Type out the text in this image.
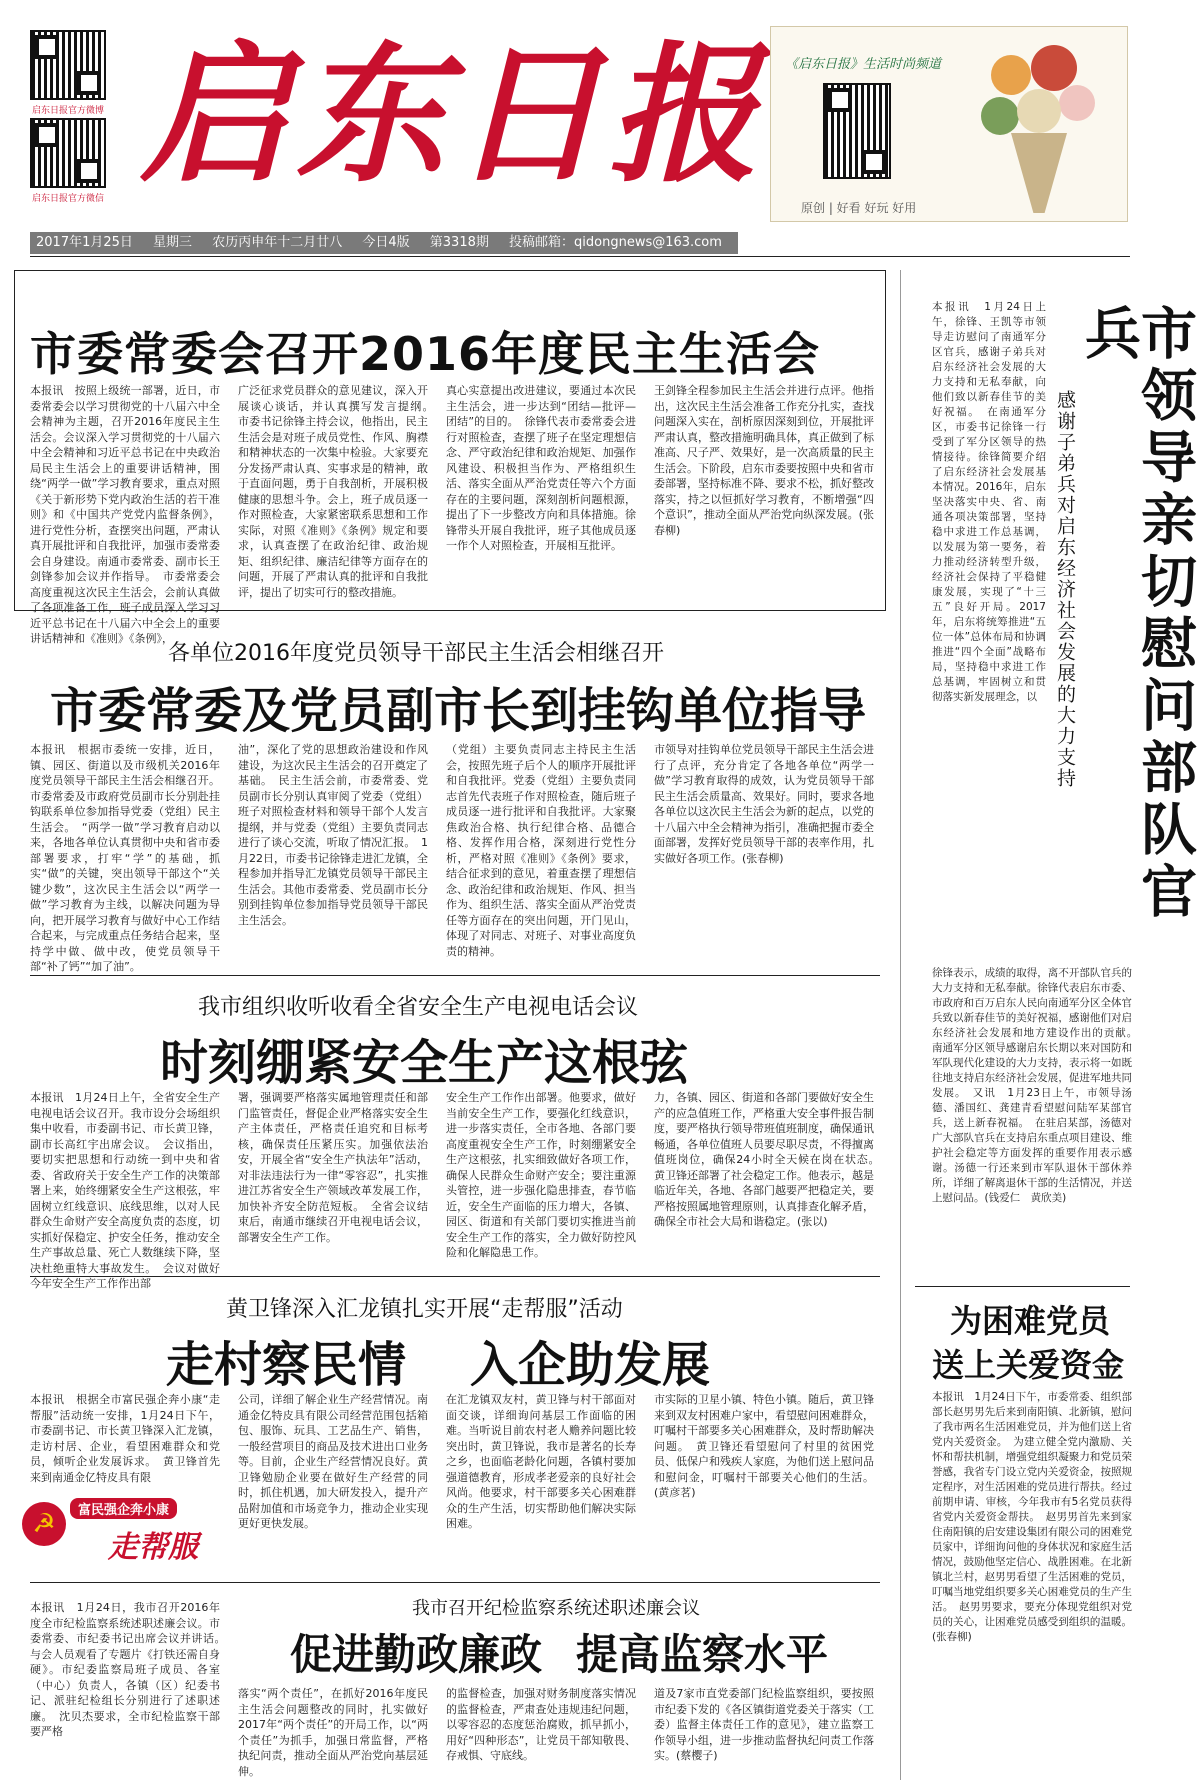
启东日报官方微博
启东日报官方微信 启东日报 《启东日报》生活时尚频道
原创 | 好看 好玩 好用
2017年1月25日 星期三 农历丙申年十二月廿八 今日4版 第3318期 投稿邮箱：qidongnews@163.com
市委常委会召开2016年度民主生活会
本报讯　按照上级统一部署，近日，市委常委会以学习贯彻党的十八届六中全会精神为主题，召开2016年度民主生活会。会议深入学习贯彻党的十八届六中全会精神和习近平总书记在中央政治局民主生活会上的重要讲话精神，围绕“两学一做”学习教育要求，重点对照《关于新形势下党内政治生活的若干准则》和《中国共产党党内监督条例》，进行党性分析，查摆突出问题，严肃认真开展批评和自我批评，加强市委常委会自身建设。南通市委常委、副市长王剑锋参加会议并作指导。　市委常委会高度重视这次民主生活会，会前认真做了各项准备工作，班子成员深入学习习近平总书记在十八届六中全会上的重要讲话精神和《准则》《条例》，
广泛征求党员群众的意见建议，深入开展谈心谈话，并认真撰写发言提纲。　市委书记徐锋主持会议，他指出，民主生活会是对班子成员党性、作风、胸襟和精神状态的一次集中检验。大家要充分发扬严肃认真、实事求是的精神，敢于直面问题，勇于自我剖析，开展积极健康的思想斗争。会上，班子成员逐一作对照检查，大家紧密联系思想和工作实际，对照《准则》《条例》规定和要求，认真查摆了在政治纪律、政治规矩、组织纪律、廉洁纪律等方面存在的问题，开展了严肃认真的批评和自我批评，提出了切实可行的整改措施。
真心实意提出改进建议，要通过本次民主生活会，进一步达到“团结—批评—团结”的目的。　徐锋代表市委常委会进行对照检查，查摆了班子在坚定理想信念、严守政治纪律和政治规矩、加强作风建设、积极担当作为、严格组织生活、落实全面从严治党责任等六个方面存在的主要问题，深刻剖析问题根源，提出了下一步整改方向和具体措施。徐锋带头开展自我批评，班子其他成员逐一作个人对照检查，开展相互批评。
王剑锋全程参加民主生活会并进行点评。他指出，这次民主生活会准备工作充分扎实，查找问题深入实在，剖析原因深刻到位，开展批评严肃认真，整改措施明确具体，真正做到了标准高、尺子严、效果好，是一次高质量的民主生活会。下阶段，启东市委要按照中央和省市委部署，坚持标准不降、要求不松，抓好整改落实，持之以恒抓好学习教育，不断增强“四个意识”，推动全面从严治党向纵深发展。(张春柳)
各单位2016年度党员领导干部民主生活会相继召开
市委常委及党员副市长到挂钩单位指导
本报讯　根据市委统一安排，近日，镇、园区、街道以及市级机关2016年度党员领导干部民主生活会相继召开。市委常委及市政府党员副市长分别赴挂钩联系单位参加指导党委（党组）民主生活会。　“两学一做”学习教育启动以来，各地各单位认真贯彻中央和省市委部署要求，打牢“学”的基础，抓实“做”的关键，突出领导干部这个“关键少数”，这次民主生活会以“两学一做”学习教育为主线，以解决问题为导向，把开展学习教育与做好中心工作结合起来，与完成重点任务结合起来，坚持学中做、做中改，使党员领导干部“补了钙”“加了油”。
油”，深化了党的思想政治建设和作风建设，为这次民主生活会的召开奠定了基础。　民主生活会前，市委常委、党员副市长分别认真审阅了党委（党组）班子对照检查材料和领导干部个人发言提纲，并与党委（党组）主要负责同志进行了谈心交流，听取了情况汇报。　1月22日，市委书记徐锋走进汇龙镇，全程参加并指导汇龙镇党员领导干部民主生活会。其他市委常委、党员副市长分别到挂钩单位参加指导党员领导干部民主生活会。
（党组）主要负责同志主持民主生活会，按照先班子后个人的顺序开展批评和自我批评。党委（党组）主要负责同志首先代表班子作对照检查，随后班子成员逐一进行批评和自我批评。大家聚焦政治合格、执行纪律合格、品德合格、发挥作用合格，深刻进行党性分析，严格对照《准则》《条例》要求，结合征求到的意见，着重查摆了理想信念、政治纪律和政治规矩、作风、担当作为、组织生活、落实全面从严治党责任等方面存在的突出问题，开门见山，体现了对同志、对班子、对事业高度负责的精神。
市领导对挂钩单位党员领导干部民主生活会进行了点评，充分肯定了各地各单位“两学一做”学习教育取得的成效，认为党员领导干部民主生活会质量高、效果好。同时，要求各地各单位以这次民主生活会为新的起点，以党的十八届六中全会精神为指引，准确把握市委全面部署，发挥好党员领导干部的表率作用，扎实做好各项工作。(张春柳)
我市组织收听收看全省安全生产电视电话会议
时刻绷紧安全生产这根弦
本报讯　1月24日上午，全省安全生产电视电话会议召开。我市设分会场组织集中收看，市委副书记、市长黄卫锋，副市长高红宇出席会议。　会议指出，要切实把思想和行动统一到中央和省委、省政府关于安全生产工作的决策部署上来，始终绷紧安全生产这根弦，牢固树立红线意识、底线思维，以对人民群众生命财产安全高度负责的态度，切实抓好保稳定、护安全任务，推动安全生产事故总量、死亡人数继续下降，坚决杜绝重特大事故发生。　会议对做好今年安全生产工作作出部
署，强调要严格落实属地管理责任和部门监管责任，督促企业严格落实安全生产主体责任，严格责任追究和目标考核，确保责任压紧压实。加强依法治安，开展全省“安全生产执法年”活动，对非法违法行为一律“零容忍”，扎实推进江苏省安全生产领域改革发展工作，加快补齐安全防范短板。　全省会议结束后，南通市继续召开电视电话会议，部署安全生产工作。
安全生产工作作出部署。他要求，做好当前安全生产工作，要强化红线意识，进一步落实责任，全市各地、各部门要高度重视安全生产工作，时刻绷紧安全生产这根弦，扎实细致做好各项工作，确保人民群众生命财产安全；要注重源头管控，进一步强化隐患排查，春节临近，安全生产面临的压力增大，各镇、园区、街道和有关部门要切实推进当前安全生产工作的落实，全力做好防控风险和化解隐患工作。
力，各镇、园区、街道和各部门要做好安全生产的应急值班工作，严格重大安全事件报告制度，要严格执行领导带班值班制度，确保通讯畅通，各单位值班人员要尽职尽责，不得擅离值班岗位，确保24小时全天候在岗在状态。　黄卫锋还部署了社会稳定工作。他表示，越是临近年关，各地、各部门越要严把稳定关，要严格按照属地管理原则，认真排查化解矛盾，确保全市社会大局和谐稳定。(张以)
黄卫锋深入汇龙镇扎实开展“走帮服”活动
走村察民情 入企助发展
本报讯　根据全市富民强企奔小康“走帮服”活动统一安排，1月24日下午，市委副书记、市长黄卫锋深入汇龙镇，走访村居、企业，看望困难群众和党员，倾听企业发展诉求。　黄卫锋首先来到南通金亿特皮具有限
☭	富民强企奔小康
走帮服
公司，详细了解企业生产经营情况。南通金亿特皮具有限公司经营范围包括箱包、服饰、玩具、工艺品生产、销售，一般经营项目的商品及技术进出口业务等。目前，企业生产经营情况良好。黄卫锋勉励企业要在做好生产经营的同时，抓住机遇，加大研发投入，提升产品附加值和市场竞争力，推动企业实现更好更快发展。
在汇龙镇双友村，黄卫锋与村干部面对面交谈，详细询问基层工作面临的困难。当听说目前农村老人赡养问题比较突出时，黄卫锋说，我市是著名的长寿之乡，也面临老龄化问题，各镇村要加强道德教育，形成孝老爱亲的良好社会风尚。他要求，村干部要多关心困难群众的生产生活，切实帮助他们解决实际困难。
市实际的卫星小镇、特色小镇。随后，黄卫锋来到双友村困难户家中，看望慰问困难群众，叮嘱村干部要多关心困难群众，及时帮助解决问题。　黄卫锋还看望慰问了村里的贫困党员、低保户和残疾人家庭，为他们送上慰问品和慰问金，叮嘱村干部要关心他们的生活。(黄彦茗)
我市召开纪检监察系统述职述廉会议
本报讯　1月24日，我市召开2016年度全市纪检监察系统述职述廉会议。市委常委、市纪委书记出席会议并讲话。　与会人员观看了专题片《打铁还需自身硬》。市纪委监察局班子成员、各室（中心）负责人，各镇（区）纪委书记、派驻纪检组长分别进行了述职述廉。　沈贝杰要求，全市纪检监察干部要严格
促进勤政廉政 提高监察水平
落实“两个责任”，在抓好2016年度民主生活会问题整改的同时，扎实做好2017年“两个责任”的开局工作，以“两个责任”为抓手，加强日常监督，严格执纪问责，推动全面从严治党向基层延伸。
的监督检查，加强对财务制度落实情况的监督检查，严肃查处违规违纪问题，以零容忍的态度惩治腐败，抓早抓小，用好“四种形态”，让党员干部知敬畏、存戒惧、守底线。
道及7家市直党委部门纪检监察组织，要按照市纪委下发的《各区镇街道党委关于落实（工委）监督主体责任工作的意见》，建立监察工作领导小组，进一步推动监督执纪问责工作落实。(蔡樱子)
本报讯　1月24日上午，徐锋、王凯等市领导走访慰问了南通军分区官兵，感谢子弟兵对启东经济社会发展的大力支持和无私奉献，向他们致以新春佳节的美好祝福。　在南通军分区，市委书记徐锋一行受到了军分区领导的热情接待。徐锋简要介绍了启东经济社会发展基本情况。2016年，启东坚决落实中央、省、南通各项决策部署，坚持稳中求进工作总基调，以发展为第一要务，着力推动经济转型升级，经济社会保持了平稳健康发展，实现了“十三五”良好开局。2017年，启东将统筹推进“五位一体”总体布局和协调推进“四个全面”战略布局，坚持稳中求进工作总基调，牢固树立和贯彻落实新发展理念，以	市领导亲切慰问部队官兵
感谢子弟兵对启东经济社会发展的大力支持
徐锋表示，成绩的取得，离不开部队官兵的大力支持和无私奉献。徐锋代表启东市委、市政府和百万启东人民向南通军分区全体官兵致以新春佳节的美好祝福，感谢他们对启东经济社会发展和地方建设作出的贡献。　南通军分区领导感谢启东长期以来对国防和军队现代化建设的大力支持，表示将一如既往地支持启东经济社会发展，促进军地共同发展。　又讯　1月23日上午，市领导汤德、潘国红、龚建青看望慰问陆军某部官兵，送上新春祝福。　在驻启某部，汤德对广大部队官兵在支持启东重点项目建设、维护社会稳定等方面发挥的重要作用表示感谢。汤德一行还来到市军队退休干部休养所，详细了解离退休干部的生活情况，并送上慰问品。(钱爱仁　黄欣美)
为困难党员
送上关爱资金
本报讯　1月24日下午，市委常委、组织部部长赵男男先后来到南阳镇、北新镇，慰问了我市两名生活困难党员，并为他们送上省党内关爱资金。　为建立健全党内激励、关怀和帮扶机制，增强党组织凝聚力和党员荣誉感，我省专门设立党内关爱资金，按照规定程序，对生活困难的党员进行帮扶。经过前期申请、审核，今年我市有5名党员获得省党内关爱资金帮扶。　赵男男首先来到家住南阳镇的启安建设集团有限公司的困难党员家中，详细询问他的身体状况和家庭生活情况，鼓励他坚定信心、战胜困难。在北新镇北兰村，赵男男看望了生活困难的党员，叮嘱当地党组织要多关心困难党员的生产生活。　赵男男要求，要充分体现党组织对党员的关心，让困难党员感受到组织的温暖。(张春柳)
